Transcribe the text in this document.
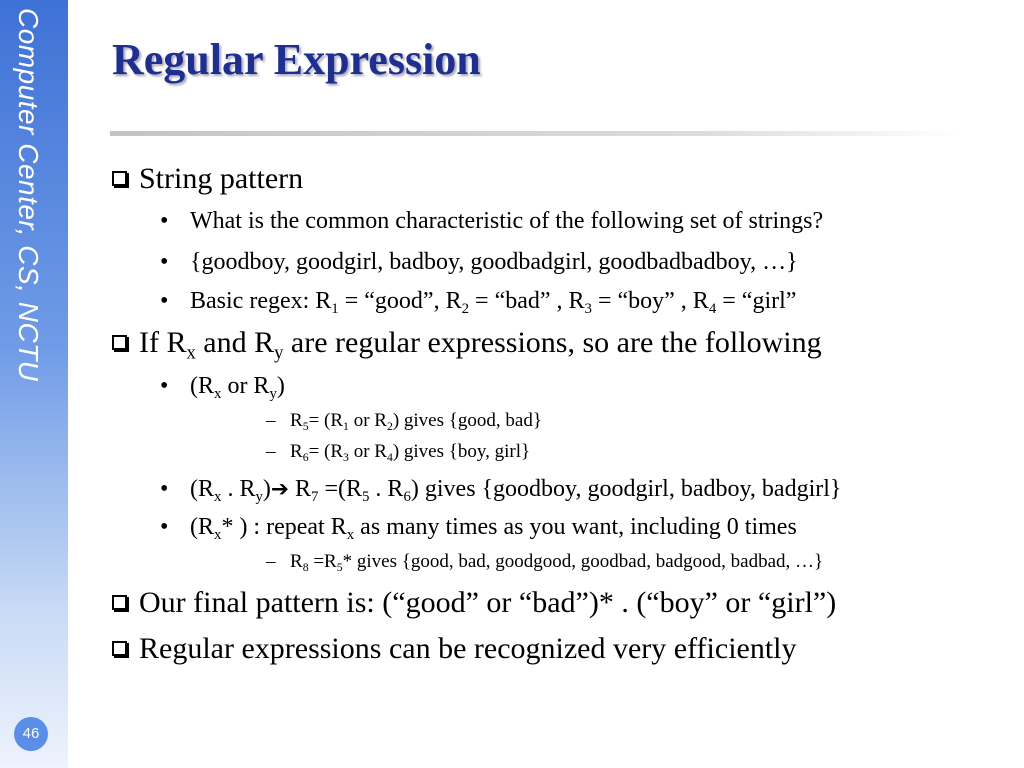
Computer Center, CS, NCTU
46
Regular Expression
String pattern
• What is the common characteristic of the following set of strings?
• {goodboy, goodgirl, badboy, goodbadgirl, goodbadbadboy, …}
• Basic regex: $R_1$ = “good”, $R_2$ = “bad” , $R_3$ = “boy” , $R_4$ = “girl”
If $R_x$ and $R_y$ are regular expressions, so are the following
• ($R_x$ or $R_y$)
– $R_5= (R_1$ or $R_2$) gives {good, bad}
– $R_6= (R_3$ or $R_4$) gives {boy, girl}
• ($R_x$ . $R_y)➔$ $R_7 =(R_5$ . $R_6$) gives {goodboy, goodgirl, badboy, badgirl}
• ($R_x*$ ) : repeat $R_x$ as many times as you want, including 0 times
– $R_8 =R_5*$ gives {good, bad, goodgood, goodbad, badgood, badbad, …}
Our final pattern is: (“good” or “bad”)* . (“boy” or “girl”)
Regular expressions can be recognized very efficiently
